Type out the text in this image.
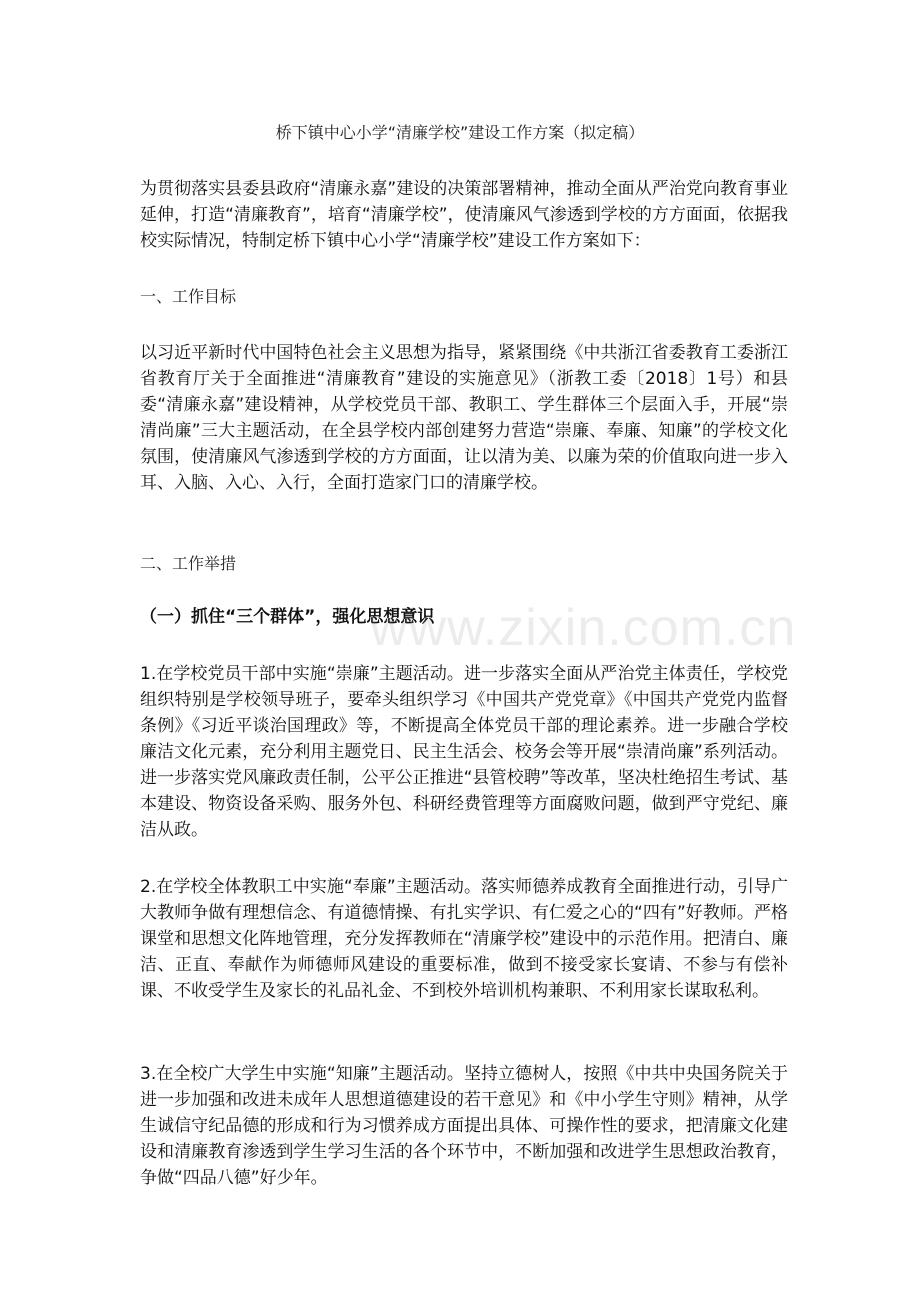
桥下镇中心小学“清廉学校”建设工作方案（拟定稿）

为贯彻落实县委县政府“清廉永嘉”建设的决策部署精神，推动全面从严治党向教育事业延伸，打造“清廉教育”，培育“清廉学校”，使清廉风气渗透到学校的方方面面，依据我校实际情况，特制定桥下镇中心小学“清廉学校”建设工作方案如下：

一、工作目标

以习近平新时代中国特色社会主义思想为指导，紧紧围绕《中共浙江省委教育工委浙江省教育厅关于全面推进“清廉教育”建设的实施意见》（浙教工委〔2018〕1号）和县委“清廉永嘉”建设精神，从学校党员干部、教职工、学生群体三个层面入手，开展“崇清尚廉”三大主题活动，在全县学校内部创建努力营造“崇廉、奉廉、知廉”的学校文化氛围，使清廉风气渗透到学校的方方面面，让以清为美、以廉为荣的价值取向进一步入耳、入脑、入心、入行，全面打造家门口的清廉学校。

二、工作举措

（一）抓住“三个群体”，强化思想意识

1.在学校党员干部中实施“崇廉”主题活动。进一步落实全面从严治党主体责任，学校党组织特别是学校领导班子，要牵头组织学习《中国共产党党章》《中国共产党党内监督条例》《习近平谈治国理政》等，不断提高全体党员干部的理论素养。进一步融合学校廉洁文化元素，充分利用主题党日、民主生活会、校务会等开展“崇清尚廉”系列活动。进一步落实党风廉政责任制，公平公正推进“县管校聘”等改革，坚决杜绝招生考试、基本建设、物资设备采购、服务外包、科研经费管理等方面腐败问题，做到严守党纪、廉洁从政。

2.在学校全体教职工中实施“奉廉”主题活动。落实师德养成教育全面推进行动，引导广大教师争做有理想信念、有道德情操、有扎实学识、有仁爱之心的“四有”好教师。严格课堂和思想文化阵地管理，充分发挥教师在“清廉学校”建设中的示范作用。把清白、廉洁、正直、奉献作为师德师风建设的重要标准，做到不接受家长宴请、不参与有偿补课、不收受学生及家长的礼品礼金、不到校外培训机构兼职、不利用家长谋取私利。

3.在全校广大学生中实施“知廉”主题活动。坚持立德树人，按照《中共中央国务院关于进一步加强和改进未成年人思想道德建设的若干意见》和《中小学生守则》精神，从学生诚信守纪品德的形成和行为习惯养成方面提出具体、可操作性的要求，把清廉文化建设和清廉教育渗透到学生学习生活的各个环节中，不断加强和改进学生思想政治教育，争做“四品八德”好少年。

www.zixin.com.cn
